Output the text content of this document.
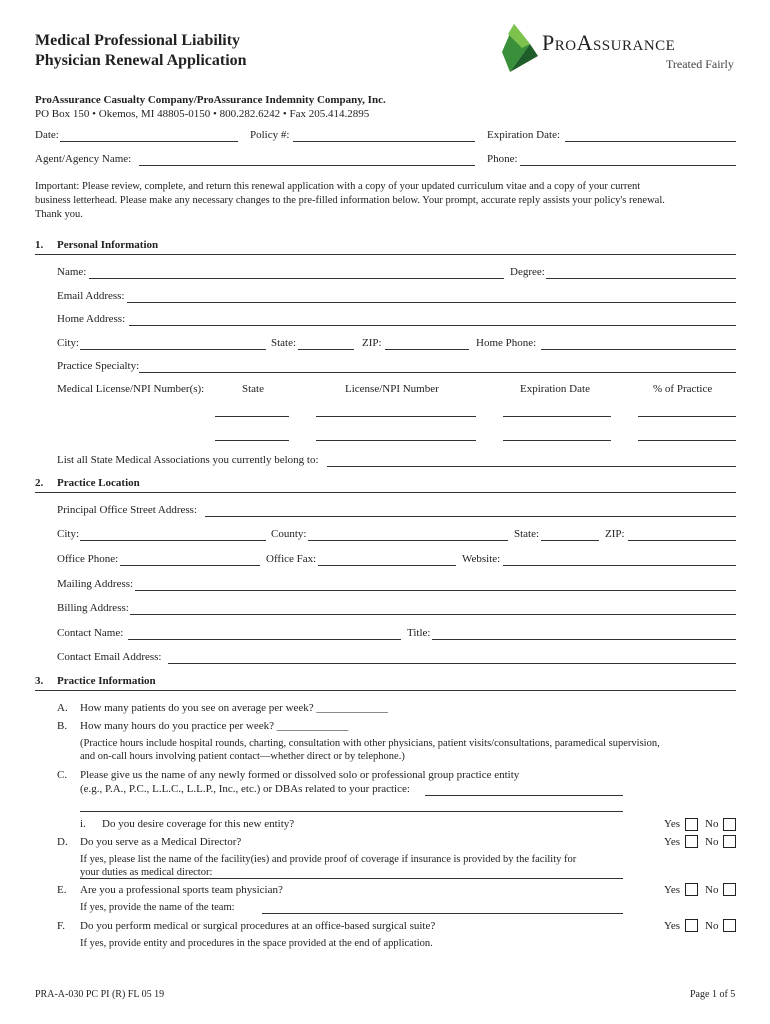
Medical Professional Liability
Physician Renewal Application
ProAssurance
Treated Fairly
ProAssurance Casualty Company/ProAssurance Indemnity Company, Inc.
PO Box 150 • Okemos, MI 48805-0150 • 800.282.6242 • Fax 205.414.2895
Date:	Policy #:	Expiration Date:
Agent/Agency Name:	Phone:
Important: Please review, complete, and return this renewal application with a copy of your updated curriculum vitae and a copy of your current
business letterhead. Please make any necessary changes to the pre-filled information below. Your prompt, accurate reply assists your policy's renewal.
Thank you.
1. Personal Information
Name:	Degree:
Email Address:
Home Address:
City:	State:	ZIP:	Home Phone:
Practice Specialty:
Medical License/NPI Number(s):	State	License/NPI Number	Expiration Date	% of Practice
List all State Medical Associations you currently belong to:
2. Practice Location
Principal Office Street Address:
City:	County:	State:	ZIP:
Office Phone:	Office Fax:	Website:
Mailing Address:
Billing Address:
Contact Name:	Title:
Contact Email Address:
3. Practice Information
A. How many patients do you see on average per week? _____________
B. How many hours do you practice per week? _____________
(Practice hours include hospital rounds, charting, consultation with other physicians, patient visits/consultations, paramedical supervision,
and on-call hours involving patient contact—whether direct or by telephone.)
C. Please give us the name of any newly formed or dissolved solo or professional group practice entity
(e.g., P.A., P.C., L.L.C., L.L.P., Inc., etc.) or DBAs related to your practice:
i. Do you desire coverage for this new entity?	Yes No
D. Do you serve as a Medical Director?	Yes No
If yes, please list the name of the facility(ies) and provide proof of coverage if insurance is provided by the facility for
your duties as medical director:
E. Are you a professional sports team physician?	Yes No
If yes, provide the name of the team:
F. Do you perform medical or surgical procedures at an office-based surgical suite?	Yes No
If yes, provide entity and procedures in the space provided at the end of application.
PRA-A-030 PC PI (R) FL 05 19	Page 1 of 5
